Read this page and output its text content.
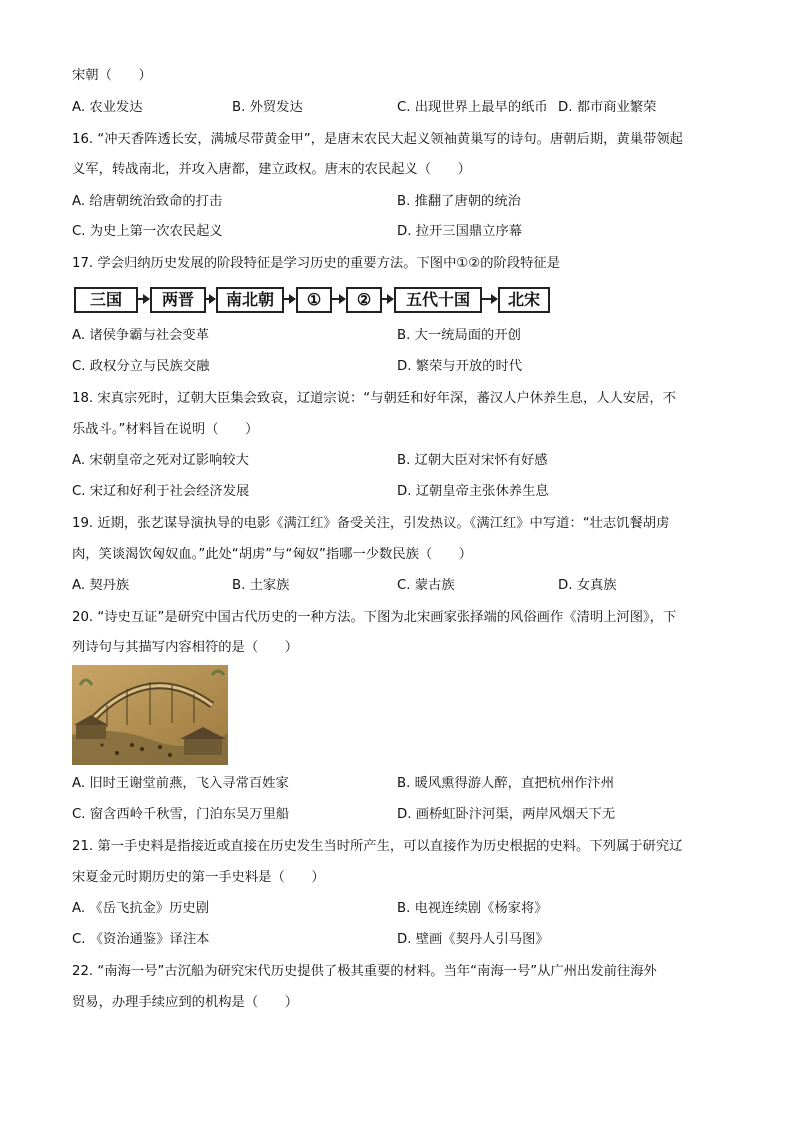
宋朝（　　）
A. 农业发达	B. 外贸发达	C. 出现世界上最早的纸币 D. 都市商业繁荣
16. “冲天香阵透长安，满城尽带黄金甲”，是唐末农民大起义领袖黄巢写的诗句。唐朝后期，黄巢带领起
义军，转战南北，并攻入唐都，建立政权。唐末的农民起义（　　）
A. 给唐朝统治致命的打击	B. 推翻了唐朝的统治
C. 为史上第一次农民起义	D. 拉开三国鼎立序幕
17. 学会归纳历史发展的阶段特征是学习历史的重要方法。下图中①②的阶段特征是
三国	两晋	南北朝	①	②	五代十国	北宋
A. 诸侯争霸与社会变革	B. 大一统局面的开创
C. 政权分立与民族交融	D. 繁荣与开放的时代
18. 宋真宗死时，辽朝大臣集会致哀，辽道宗说：“与朝廷和好年深，蕃汉人户休养生息，人人安居，不
乐战斗。”材料旨在说明（　　）
A. 宋朝皇帝之死对辽影响较大	B. 辽朝大臣对宋怀有好感
C. 宋辽和好利于社会经济发展	D. 辽朝皇帝主张休养生息
19. 近期，张艺谋导演执导的电影《满江红》备受关注，引发热议。《满江红》中写道：“壮志饥餐胡虏
肉，笑谈渴饮匈奴血。”此处“胡虏”与“匈奴”指哪一少数民族（　　）
A. 契丹族	B. 土家族	C. 蒙古族	D. 女真族
20. “诗史互证”是研究中国古代历史的一种方法。下图为北宋画家张择端的风俗画作《清明上河图》，下
列诗句与其描写内容相符的是（　　）
A. 旧时王谢堂前燕，飞入寻常百姓家	B. 暖风熏得游人醉，直把杭州作汴州
C. 窗含西岭千秋雪，门泊东吴万里船	D. 画桥虹卧汴河渠，两岸风烟天下无
21. 第一手史料是指接近或直接在历史发生当时所产生，可以直接作为历史根据的史料。下列属于研究辽
宋夏金元时期历史的第一手史料是（　　）
A. 《岳飞抗金》历史剧	B. 电视连续剧《杨家将》
C. 《资治通鉴》译注本	D. 壁画《契丹人引马图》
22. “南海一号”古沉船为研究宋代历史提供了极其重要的材料。当年“南海一号”从广州出发前往海外
贸易，办理手续应到的机构是（　　）
